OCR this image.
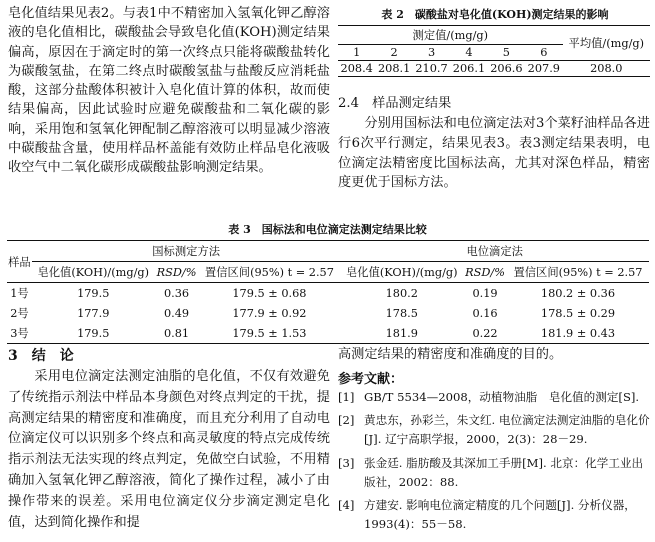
皂化值结果见表2。与表1中不精密加入氢氧化钾乙醇溶液的皂化值相比，碳酸盐会导致皂化值(KOH)测定结果偏高，原因在于滴定时的第一次终点只能将碳酸盐转化为碳酸氢盐，在第二终点时碳酸氢盐与盐酸反应消耗盐酸，这部分盐酸体积被计入皂化值计算的体积，故而使结果偏高，因此试验时应避免碳酸盐和二氧化碳的影响，采用饱和氢氧化钾配制乙醇溶液可以明显减少溶液中碳酸盐含量，使用样品杯盖能有效防止样品皂化液吸收空气中二氧化碳形成碳酸盐影响测定结果。

表 2　碳酸盐对皂化值(KOH)测定结果的影响
测定值/(mg/g)						平均值/(mg/g)
1	2	3	4	5	6	
208.4	208.1	210.7	206.1	206.6	207.9	208.0
2.4　样品测定结果
分别用国标法和电位滴定法对3个菜籽油样品各进行6次平行测定，结果见表3。表3测定结果表明，电位滴定法精密度比国标法高，尤其对深色样品，精密度更优于国标方法。
表 3　国标法和电位滴定法测定结果比较
样品	国标测定方法			电位滴定法		
	皂化值(KOH)/(mg/g)	RSD/%	置信区间(95%) t = 2.57	皂化值(KOH)/(mg/g)	RSD/%	置信区间(95%) t = 2.57
1号	179.5	0.36	179.5 ± 0.68	180.2	0.19	180.2 ± 0.36
2号	177.9	0.49	177.9 ± 0.92	178.5	0.16	178.5 ± 0.29
3号	179.5	0.81	179.5 ± 1.53	181.9	0.22	181.9 ± 0.43
3　结　论
采用电位滴定法测定油脂的皂化值，不仅有效避免了传统指示剂法中样品本身颜色对终点判定的干扰，提高测定结果的精密度和准确度，而且充分利用了自动电位滴定仪可以识别多个终点和高灵敏度的特点完成传统指示剂法无法实现的终点判定，免做空白试验，不用精确加入氢氧化钾乙醇溶液，简化了操作过程，减小了由操作带来的误差。采用电位滴定仪分步滴定测定皂化值，达到简化操作和提
高测定结果的精密度和准确度的目的。
参考文献：
[1] GB/T 5534—2008，动植物油脂　皂化值的测定[S].
[2] 黄忠东，孙彩兰，朱文红. 电位滴定法测定油脂的皂化价[J]. 辽宁高职学报，2000，2(3)：28－29.
[3] 张金廷. 脂肪酸及其深加工手册[M]. 北京：化学工业出版社，2002：88.
[4] 方建安. 影响电位滴定精度的几个问题[J]. 分析仪器，1993(4)：55－58.
